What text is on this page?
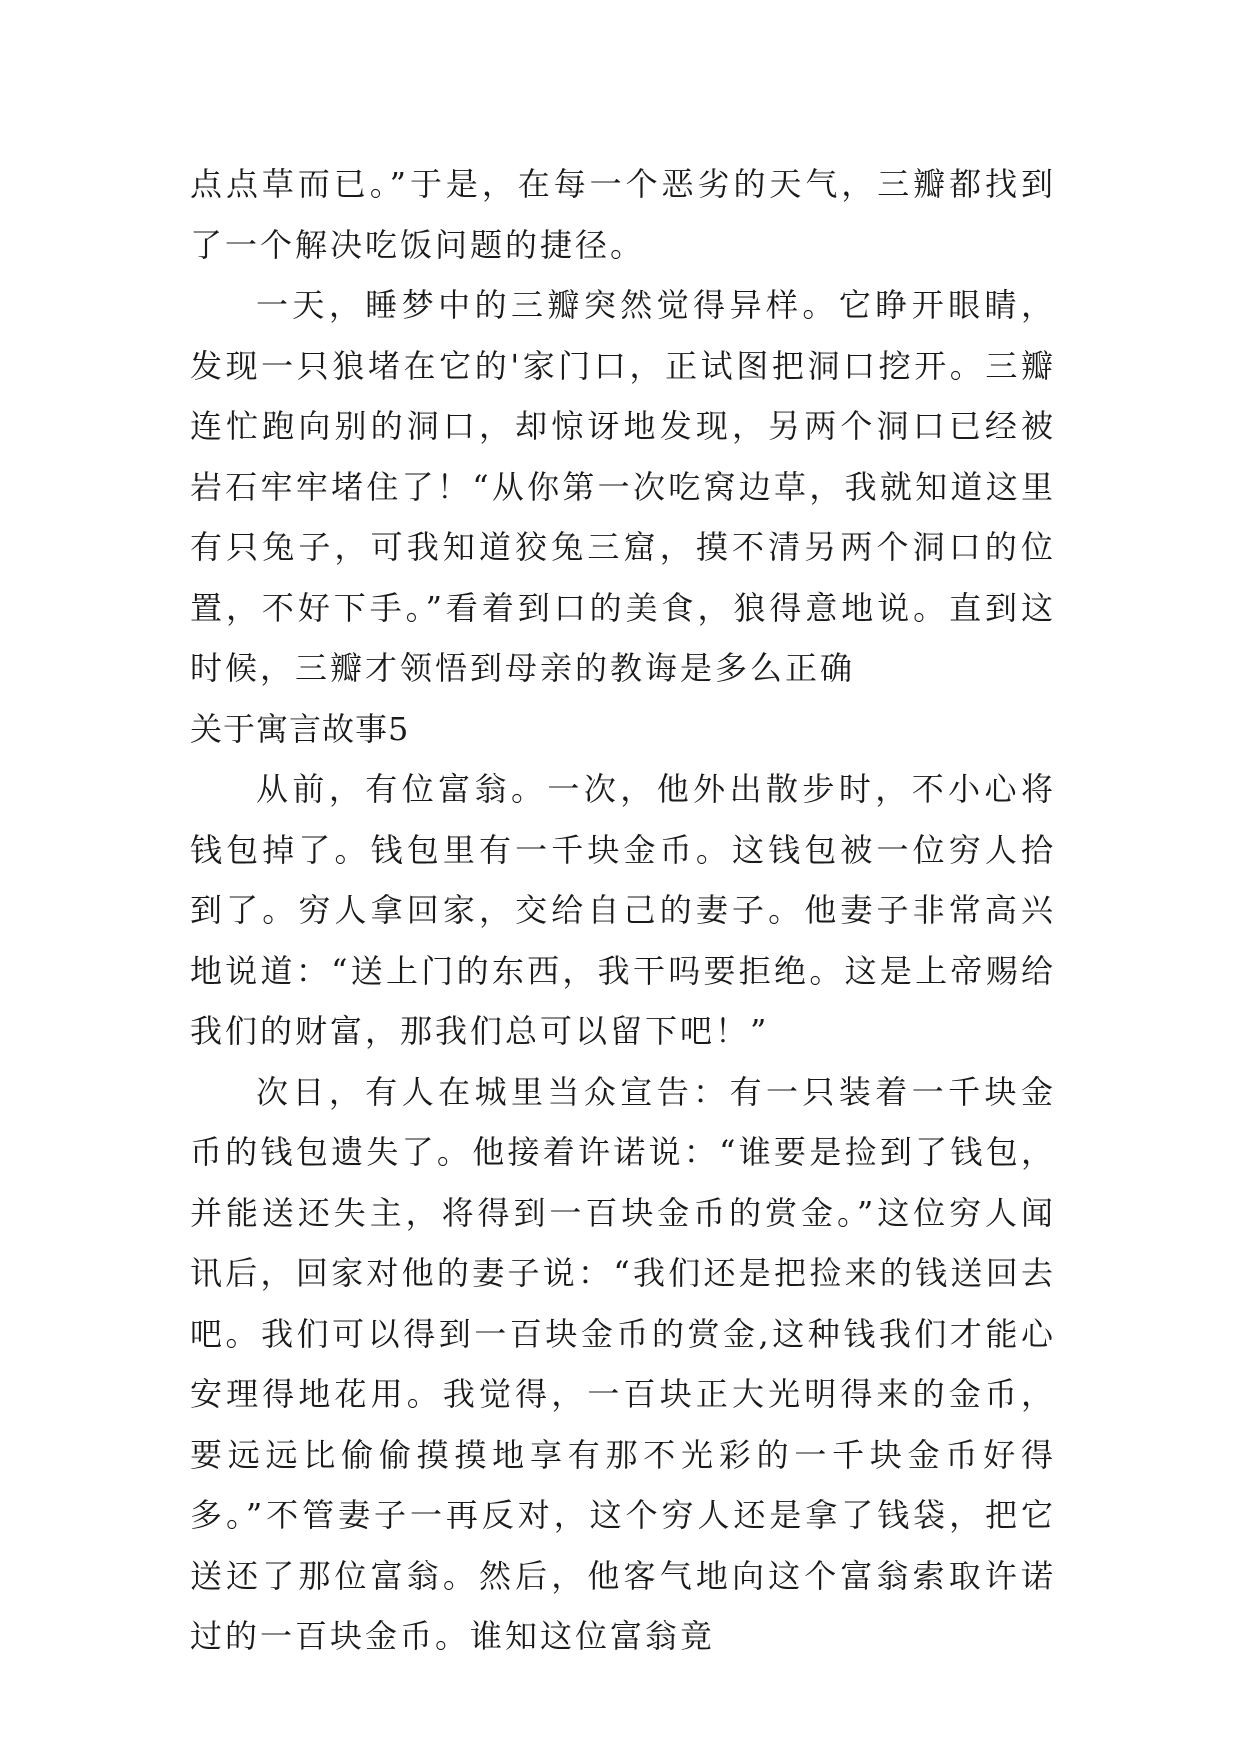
点点草而已。”于是，在每一个恶劣的天气，三瓣都找到了一个解决吃饭问题的捷径。

一天，睡梦中的三瓣突然觉得异样。它睁开眼睛，发现一只狼堵在它的'家门口，正试图把洞口挖开。三瓣连忙跑向别的洞口，却惊讶地发现，另两个洞口已经被岩石牢牢堵住了！“从你第一次吃窝边草，我就知道这里有只兔子，可我知道狡兔三窟，摸不清另两个洞口的位置，不好下手。”看着到口的美食，狼得意地说。直到这时候，三瓣才领悟到母亲的教诲是多么正确

关于寓言故事5

从前，有位富翁。一次，他外出散步时，不小心将钱包掉了。钱包里有一千块金币。这钱包被一位穷人拾到了。穷人拿回家，交给自己的妻子。他妻子非常高兴地说道：“送上门的东西，我干吗要拒绝。这是上帝赐给我们的财富，那我们总可以留下吧！”

次日，有人在城里当众宣告：有一只装着一千块金币的钱包遗失了。他接着许诺说：“谁要是捡到了钱包，并能送还失主，将得到一百块金币的赏金。”这位穷人闻讯后，回家对他的妻子说：“我们还是把捡来的钱送回去吧。我们可以得到一百块金币的赏金,这种钱我们才能心安理得地花用。我觉得，一百块正大光明得来的金币，要远远比偷偷摸摸地享有那不光彩的一千块金币好得多。”不管妻子一再反对，这个穷人还是拿了钱袋，把它送还了那位富翁。然后，他客气地向这个富翁索取许诺过的一百块金币。谁知这位富翁竟
